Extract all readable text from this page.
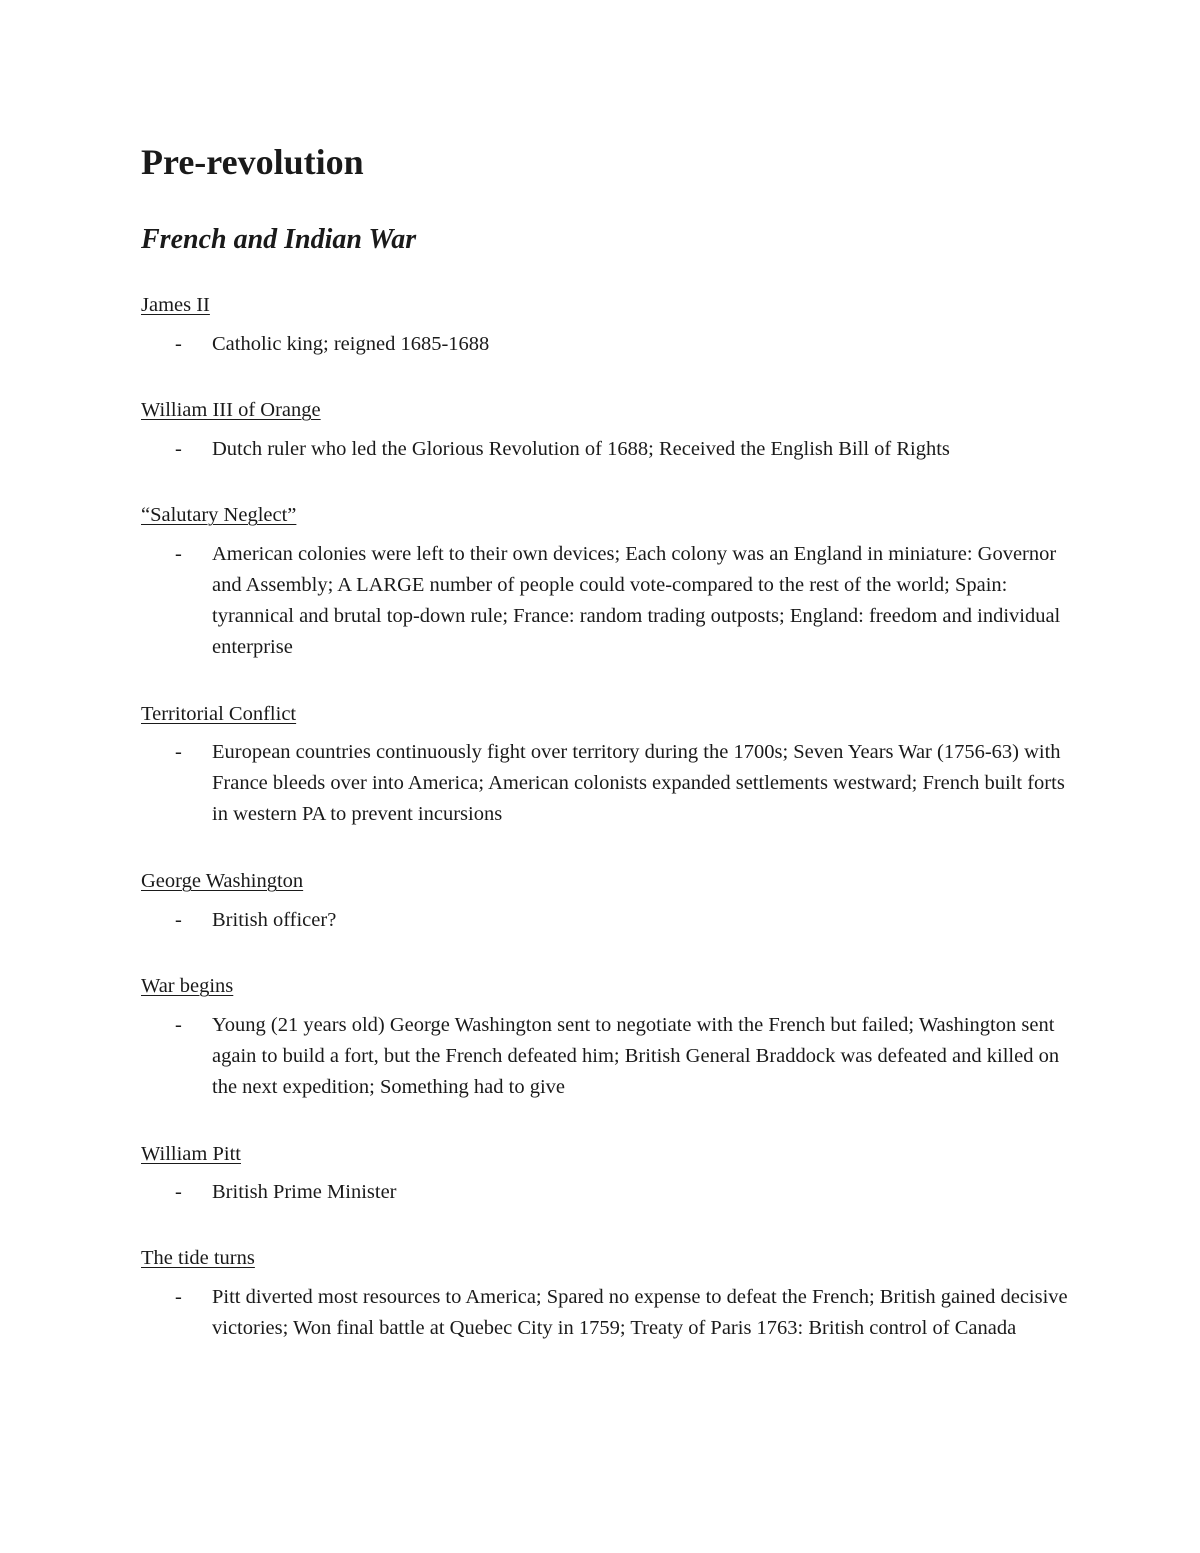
Pre-revolution
French and Indian War

James II

-	Catholic king; reigned 1685-1688

William III of Orange

-	Dutch ruler who led the Glorious Revolution of 1688; Received the English Bill of Rights

“Salutary Neglect”

-	American colonies were left to their own devices; Each colony was an England in miniature: Governor and Assembly; A LARGE number of people could vote-compared to the rest of the world; Spain: tyrannical and brutal top-down rule; France: random trading outposts; England: freedom and individual enterprise

Territorial Conflict

-	European countries continuously fight over territory during the 1700s; Seven Years War (1756-63) with France bleeds over into America; American colonists expanded settlements westward; French built forts in western PA to prevent incursions

George Washington

-	British officer?

War begins

-	Young (21 years old) George Washington sent to negotiate with the French but failed; Washington sent again to build a fort, but the French defeated him; British General Braddock was defeated and killed on the next expedition; Something had to give

William Pitt

-	British Prime Minister

The tide turns

-	Pitt diverted most resources to America; Spared no expense to defeat the French; British gained decisive victories; Won final battle at Quebec City in 1759; Treaty of Paris 1763: British control of Canada
